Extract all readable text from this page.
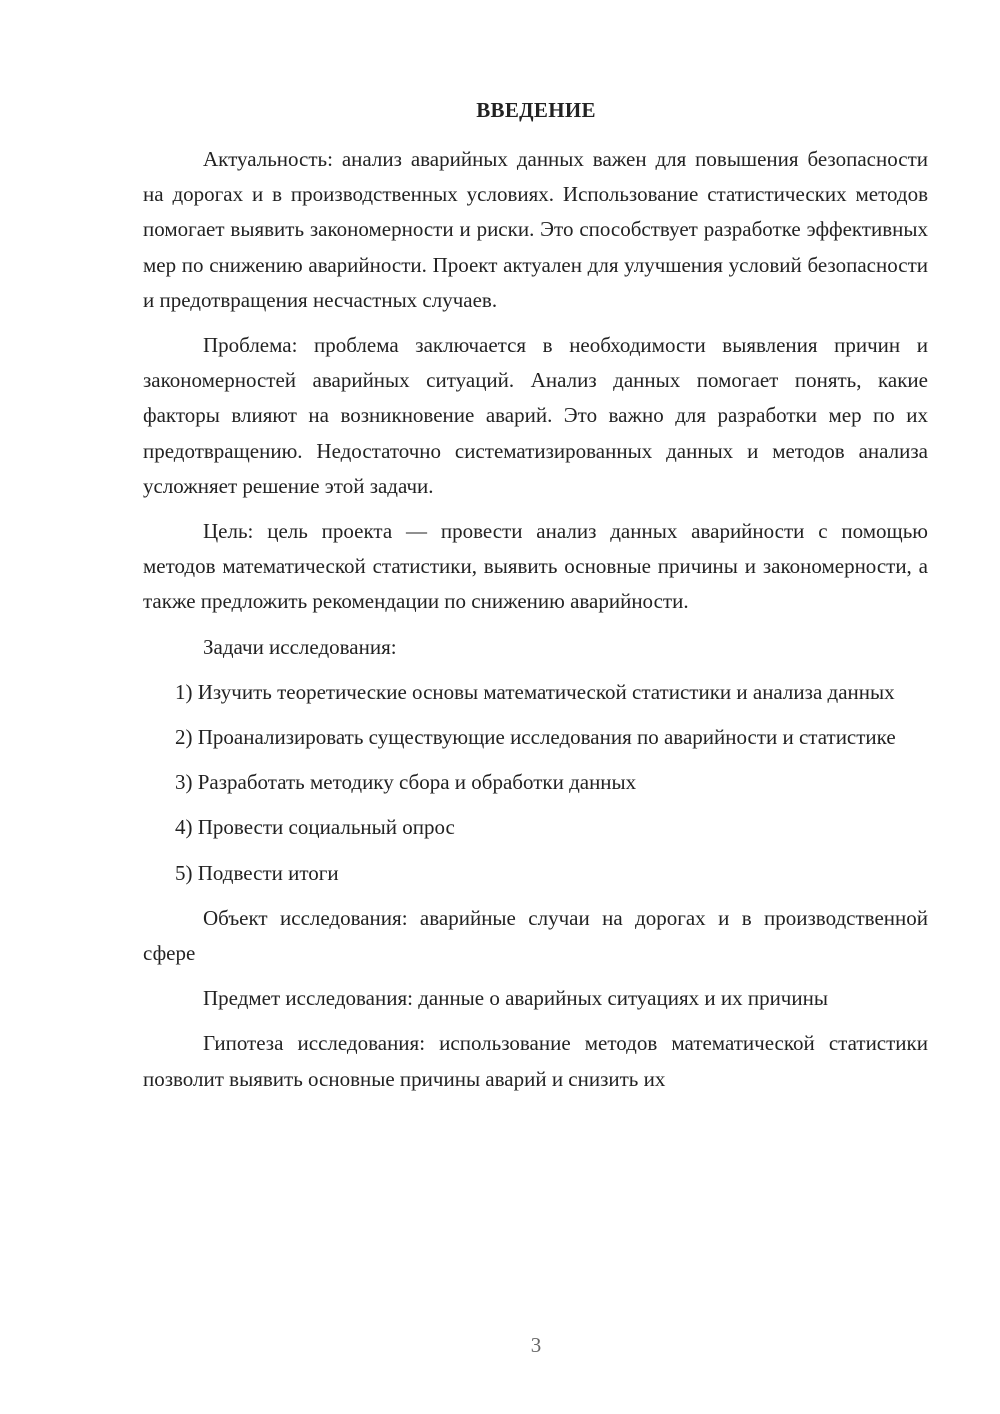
ВВЕДЕНИЕ

Актуальность: анализ аварийных данных важен для повышения безопасности на дорогах и в производственных условиях. Использование статистических методов помогает выявить закономерности и риски. Это способствует разработке эффективных мер по снижению аварийности. Проект актуален для улучшения условий безопасности и предотвращения несчастных случаев.

Проблема: проблема заключается в необходимости выявления причин и закономерностей аварийных ситуаций. Анализ данных помогает понять, какие факторы влияют на возникновение аварий. Это важно для разработки мер по их предотвращению. Недостаточно систематизированных данных и методов анализа усложняет решение этой задачи.

Цель: цель проекта — провести анализ данных аварийности с помощью методов математической статистики, выявить основные причины и закономерности, а также предложить рекомендации по снижению аварийности.

Задачи исследования:

1) Изучить теоретические основы математической статистики и анализа данных

2) Проанализировать существующие исследования по аварийности и статистике

3) Разработать методику сбора и обработки данных

4) Провести социальный опрос

5) Подвести итоги

Объект исследования: аварийные случаи на дорогах и в производственной сфере

Предмет исследования: данные о аварийных ситуациях и их причины

Гипотеза исследования: использование методов математической статистики позволит выявить основные причины аварий и снизить их

3
